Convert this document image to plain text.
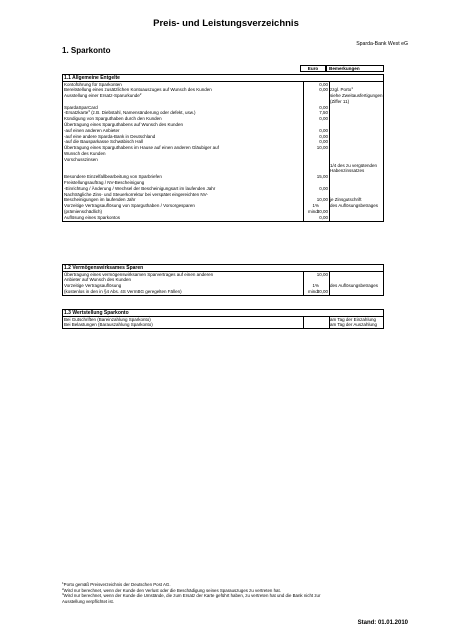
Preis- und Leistungsverzeichnis
Sparda-Bank West eG
1. Sparkonto
Euro	Bemerkungen
1.1 Allgemeine Entgelte
Kontoführung für Sparkonten	0,00
Bereitstellung eines zusätzlichen Kontoauszuges auf Wunsch des Kunden	0,00 zzgl. Porto$^1$
Ausstellung einer Ersatz-Sparurkunde$^2$	siehe Zweitausfertigungen
(Ziffer 11)
SpardaSparCard	0,00
-Ersatzkarte$^3$ (z.B. Diebstahl, Namensänderung oder defekt, usw.)	7,50
Kündigung von Sparguthaben durch den Kunden	0,00
Übertragung eines Sparguthabens auf Wunsch des Kunden
-auf einen anderen Anbieter	0,00
-auf eine andere Sparda-Bank in Deutschland	0,00
-auf die Bausparkasse Schwäbisch Hall	0,00
Übertragung eines Sparguthabens im Hause auf einen anderen Gläubiger auf	10,00
Wunsch des Kunden
Vorschusszinsen
1/4 des zu vergütenden
Habenzinssatzes
Besondere Einzelfallbearbeitung von Sparbriefen	15,00
Freistellungsauftrag / NV-Bescheinigung
-Einrichtung / Änderung / Wechsel der Bescheinigungsart im laufenden Jahr	0,00
Nachträgliche Zins- und Steuerkorrektur bei verspätet eingereichten NV-
Bescheinigungen im laufenden Jahr	10,00 je Zinsgutschrift
Vorzeitige Vertragsauflösung von Sparguthaben / Vorsorgesparen	1% des Auflösungsbetrages
(prämienschädlich)	mind.
30,00
Auflösung eines Sparkontos	0,00
1.2 Vermögenswirksames Sparen
Übertragung eines vermögenswirksamen Sparvertrages auf einen anderen	10,00
Anbieter auf Wunsch des Kunden
Vorzeitige Vertragsauflösung	1% des Auflösungsbetrages
(kostenlos in den in §4 Abs. 4S VermBG geregelten Fällen)	mind.
30,00
1.3 Wertstellung Sparkonto
Bei Gutschriften (Bareinzahlung Sparkonto)	am Tag der Einzahlung
Bei Belastungen (Barauszahlung Sparkonto)	am Tag der Auszahlung
$^1$Porto gemäß Preisverzeichnis der Deutschen Post AG.
$^2$Wird nur berechnet, wenn der Kunde den Verlust oder die Beschädigung seines Sparauszuges zu vertreten hat.
$^3$Wird nur berechnet, wenn der Kunde die Umstände, die zum Ersatz der Karte geführt haben, zu vertreten hat und die Bank nicht zur
Ausstellung verpflichtet ist.
Stand: 01.01.2010
